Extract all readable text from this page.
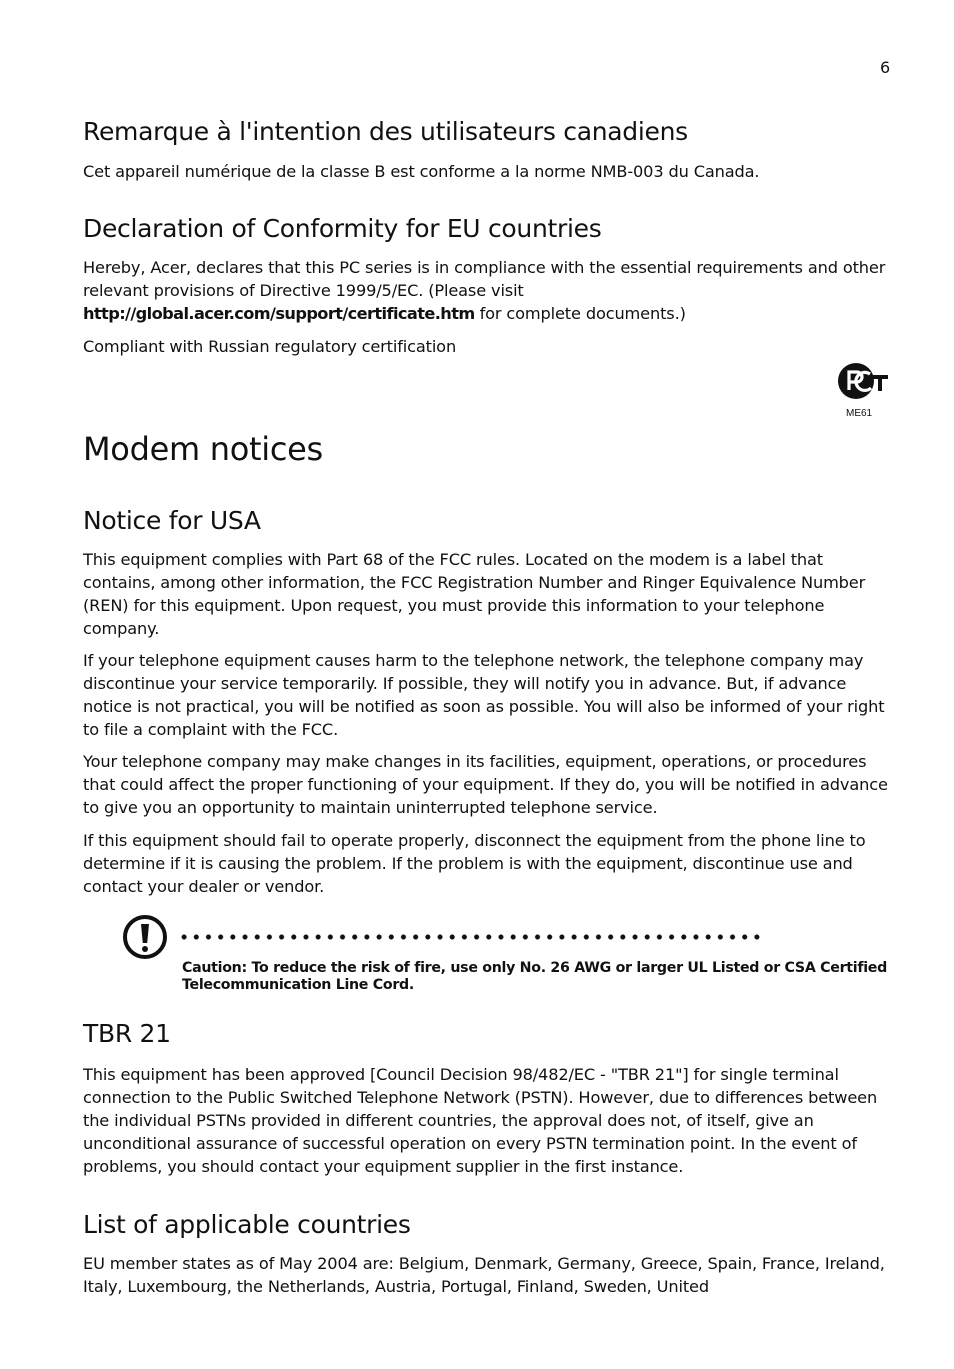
6
Remarque à l'intention des utilisateurs canadiens

Cet appareil numérique de la classe B est conforme a la norme NMB-003 du Canada.

Declaration of Conformity for EU countries

Hereby, Acer, declares that this PC series is in compliance with the essential requirements and other relevant provisions of Directive 1999/5/EC. (Please visit http://global.acer.com/support/certificate.htm for complete documents.)

Compliant with Russian regulatory certification

Modem notices
Notice for USA

This equipment complies with Part 68 of the FCC rules. Located on the modem is a label that contains, among other information, the FCC Registration Number and Ringer Equivalence Number (REN) for this equipment. Upon request, you must provide this information to your telephone company.

If your telephone equipment causes harm to the telephone network, the telephone company may discontinue your service temporarily. If possible, they will notify you in advance. But, if advance notice is not practical, you will be notified as soon as possible. You will also be informed of your right to file a complaint with the FCC.

Your telephone company may make changes in its facilities, equipment, operations, or procedures that could affect the proper functioning of your equipment. If they do, you will be notified in advance to give you an opportunity to maintain uninterrupted telephone service.

If this equipment should fail to operate properly, disconnect the equipment from the phone line to determine if it is causing the problem. If the problem is with the equipment, discontinue use and contact your dealer or vendor.

TBR 21

This equipment has been approved [Council Decision 98/482/EC - "TBR 21"] for single terminal connection to the Public Switched Telephone Network (PSTN). However, due to differences between the individual PSTNs provided in different countries, the approval does not, of itself, give an unconditional assurance of successful operation on every PSTN termination point. In the event of problems, you should contact your equipment supplier in the first instance.

List of applicable countries

EU member states as of May 2004 are: Belgium, Denmark, Germany, Greece, Spain, France, Ireland, Italy, Luxembourg, the Netherlands, Austria, Portugal, Finland, Sweden, United

ME61
Caution: To reduce the risk of fire, use only No. 26 AWG or larger UL Listed or CSA Certified Telecommunication Line Cord.
